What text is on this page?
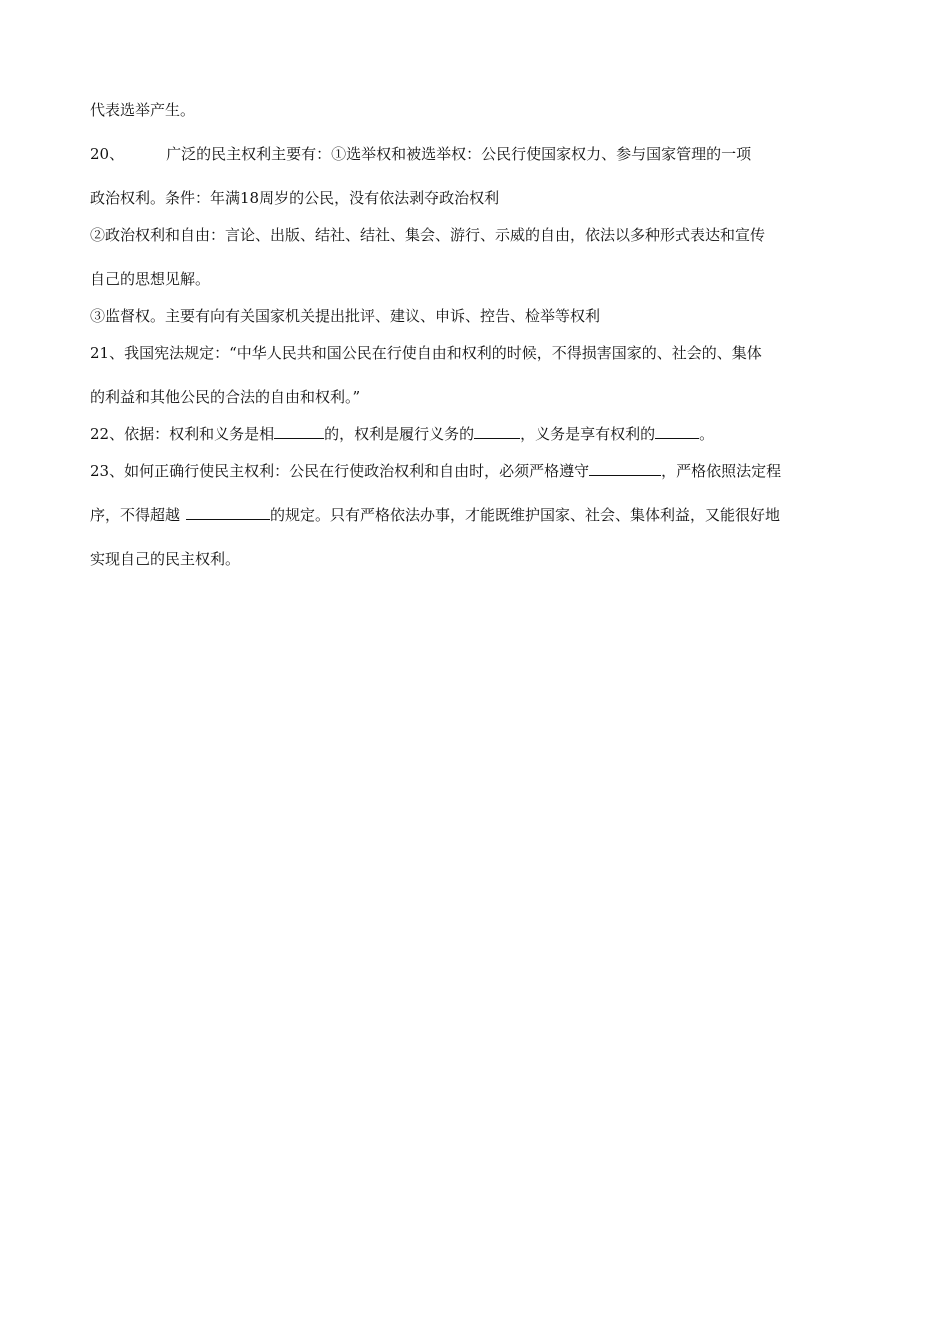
代表选举产生。

20、	广泛的民主权利主要有：①选举权和被选举权：公民行使国家权力、参与国家管理的一项

政治权利。条件：年满18周岁的公民，没有依法剥夺政治权利

②政治权利和自由：言论、出版、结社、结社、集会、游行、示威的自由，依法以多种形式表达和宣传

自己的思想见解。

③监督权。主要有向有关国家机关提出批评、建议、申诉、控告、检举等权利

21、我国宪法规定：“中华人民共和国公民在行使自由和权利的时候，不得损害国家的、社会的、集体

的利益和其他公民的合法的自由和权利。”

22、依据：权利和义务是相	的，权利是履行义务的	，义务是享有权利的	。

23、如何正确行使民主权利：公民在行使政治权利和自由时，必须严格遵守	，严格依照法定程

序，不得超越	的规定。只有严格依法办事，才能既维护国家、社会、集体利益，又能很好地

实现自己的民主权利。
